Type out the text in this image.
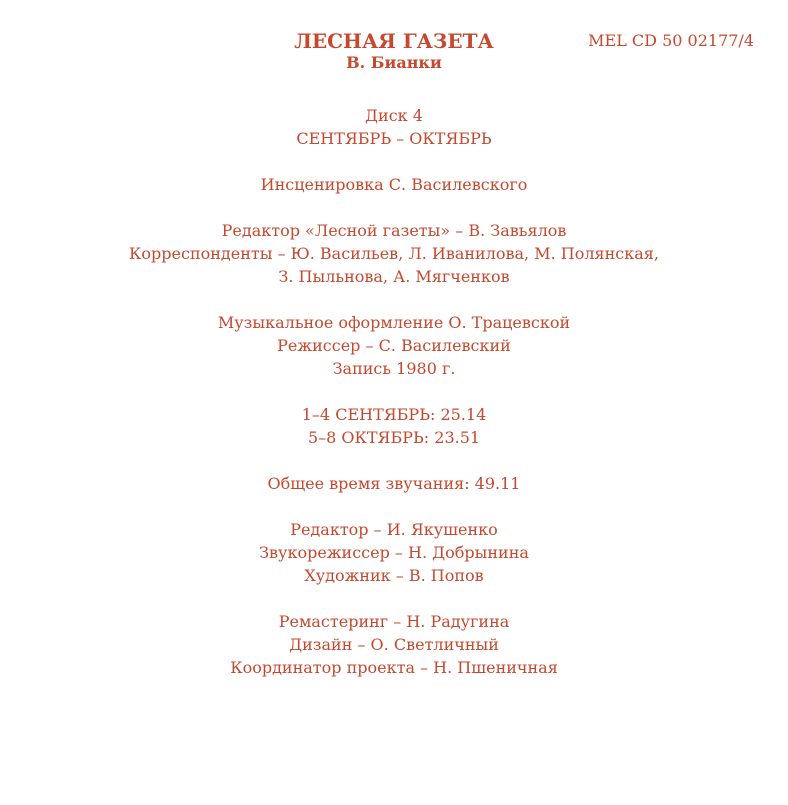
MEL CD 50 02177/4
ЛЕСНАЯ ГАЗЕТА
В. Бианки
Диск 4
СЕНТЯБРЬ – ОКТЯБРЬ
Инсценировка С. Василевского
Редактор «Лесной газеты» – В. Завьялов
Корреспонденты – Ю. Васильев, Л. Иванилова, М. Полянская,
З. Пыльнова, А. Мягченков
Музыкальное оформление О. Трацевской
Режиссер – С. Василевский
Запись 1980 г.
1–4 СЕНТЯБРЬ: 25.14
5–8 ОКТЯБРЬ: 23.51
Общее время звучания: 49.11
Редактор – И. Якушенко
Звукорежиссер – Н. Добрынина
Художник – В. Попов
Ремастеринг – Н. Радугина
Дизайн – О. Светличный
Координатор проекта – Н. Пшеничная
